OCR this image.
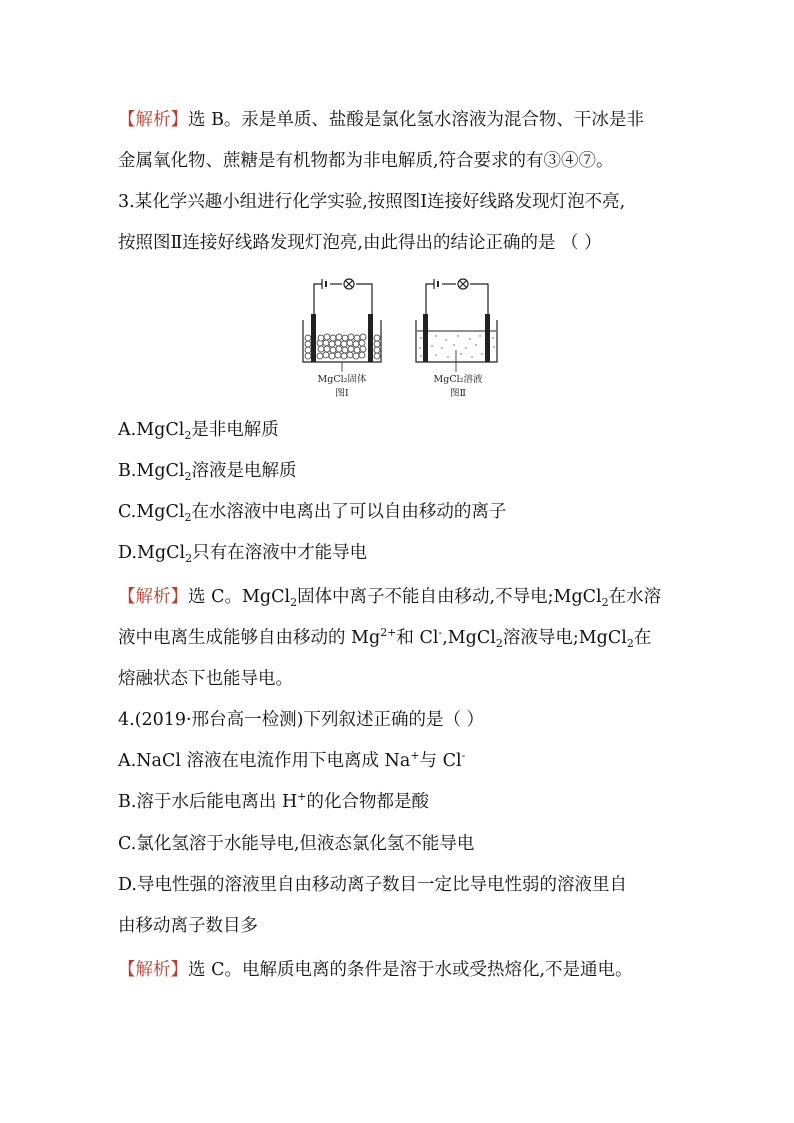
【解析】选 B。汞是单质、盐酸是氯化氢水溶液为混合物、干冰是非
金属氧化物、蔗糖是有机物都为非电解质,符合要求的有③④⑦。
3.某化学兴趣小组进行化学实验,按照图Ⅰ连接好线路发现灯泡不亮,
按照图Ⅱ连接好线路发现灯泡亮,由此得出的结论正确的是 （ ）
MgCl₂固体
图Ⅰ
MgCl₂溶液
图Ⅱ
A.MgCl$_2$是非电解质
B.MgCl$_2$溶液是电解质
C.MgCl$_2$在水溶液中电离出了可以自由移动的离子
D.MgCl$_2$只有在溶液中才能导电
【解析】选 C。MgCl$_2$固体中离子不能自由移动,不导电;MgCl$_2$在水溶
液中电离生成能够自由移动的 $Mg^{2+}$和 Cl-,MgCl$_2$溶液导电;MgCl$_2$在
熔融状态下也能导电。
4.(2019·邢台高一检测)下列叙述正确的是（ ）
A.NaCl 溶液在电流作用下电离成 Na+与 Cl-
B.溶于水后能电离出 H+的化合物都是酸
C.氯化氢溶于水能导电,但液态氯化氢不能导电
D.导电性强的溶液里自由移动离子数目一定比导电性弱的溶液里自
由移动离子数目多
【解析】选 C。电解质电离的条件是溶于水或受热熔化,不是通电。
